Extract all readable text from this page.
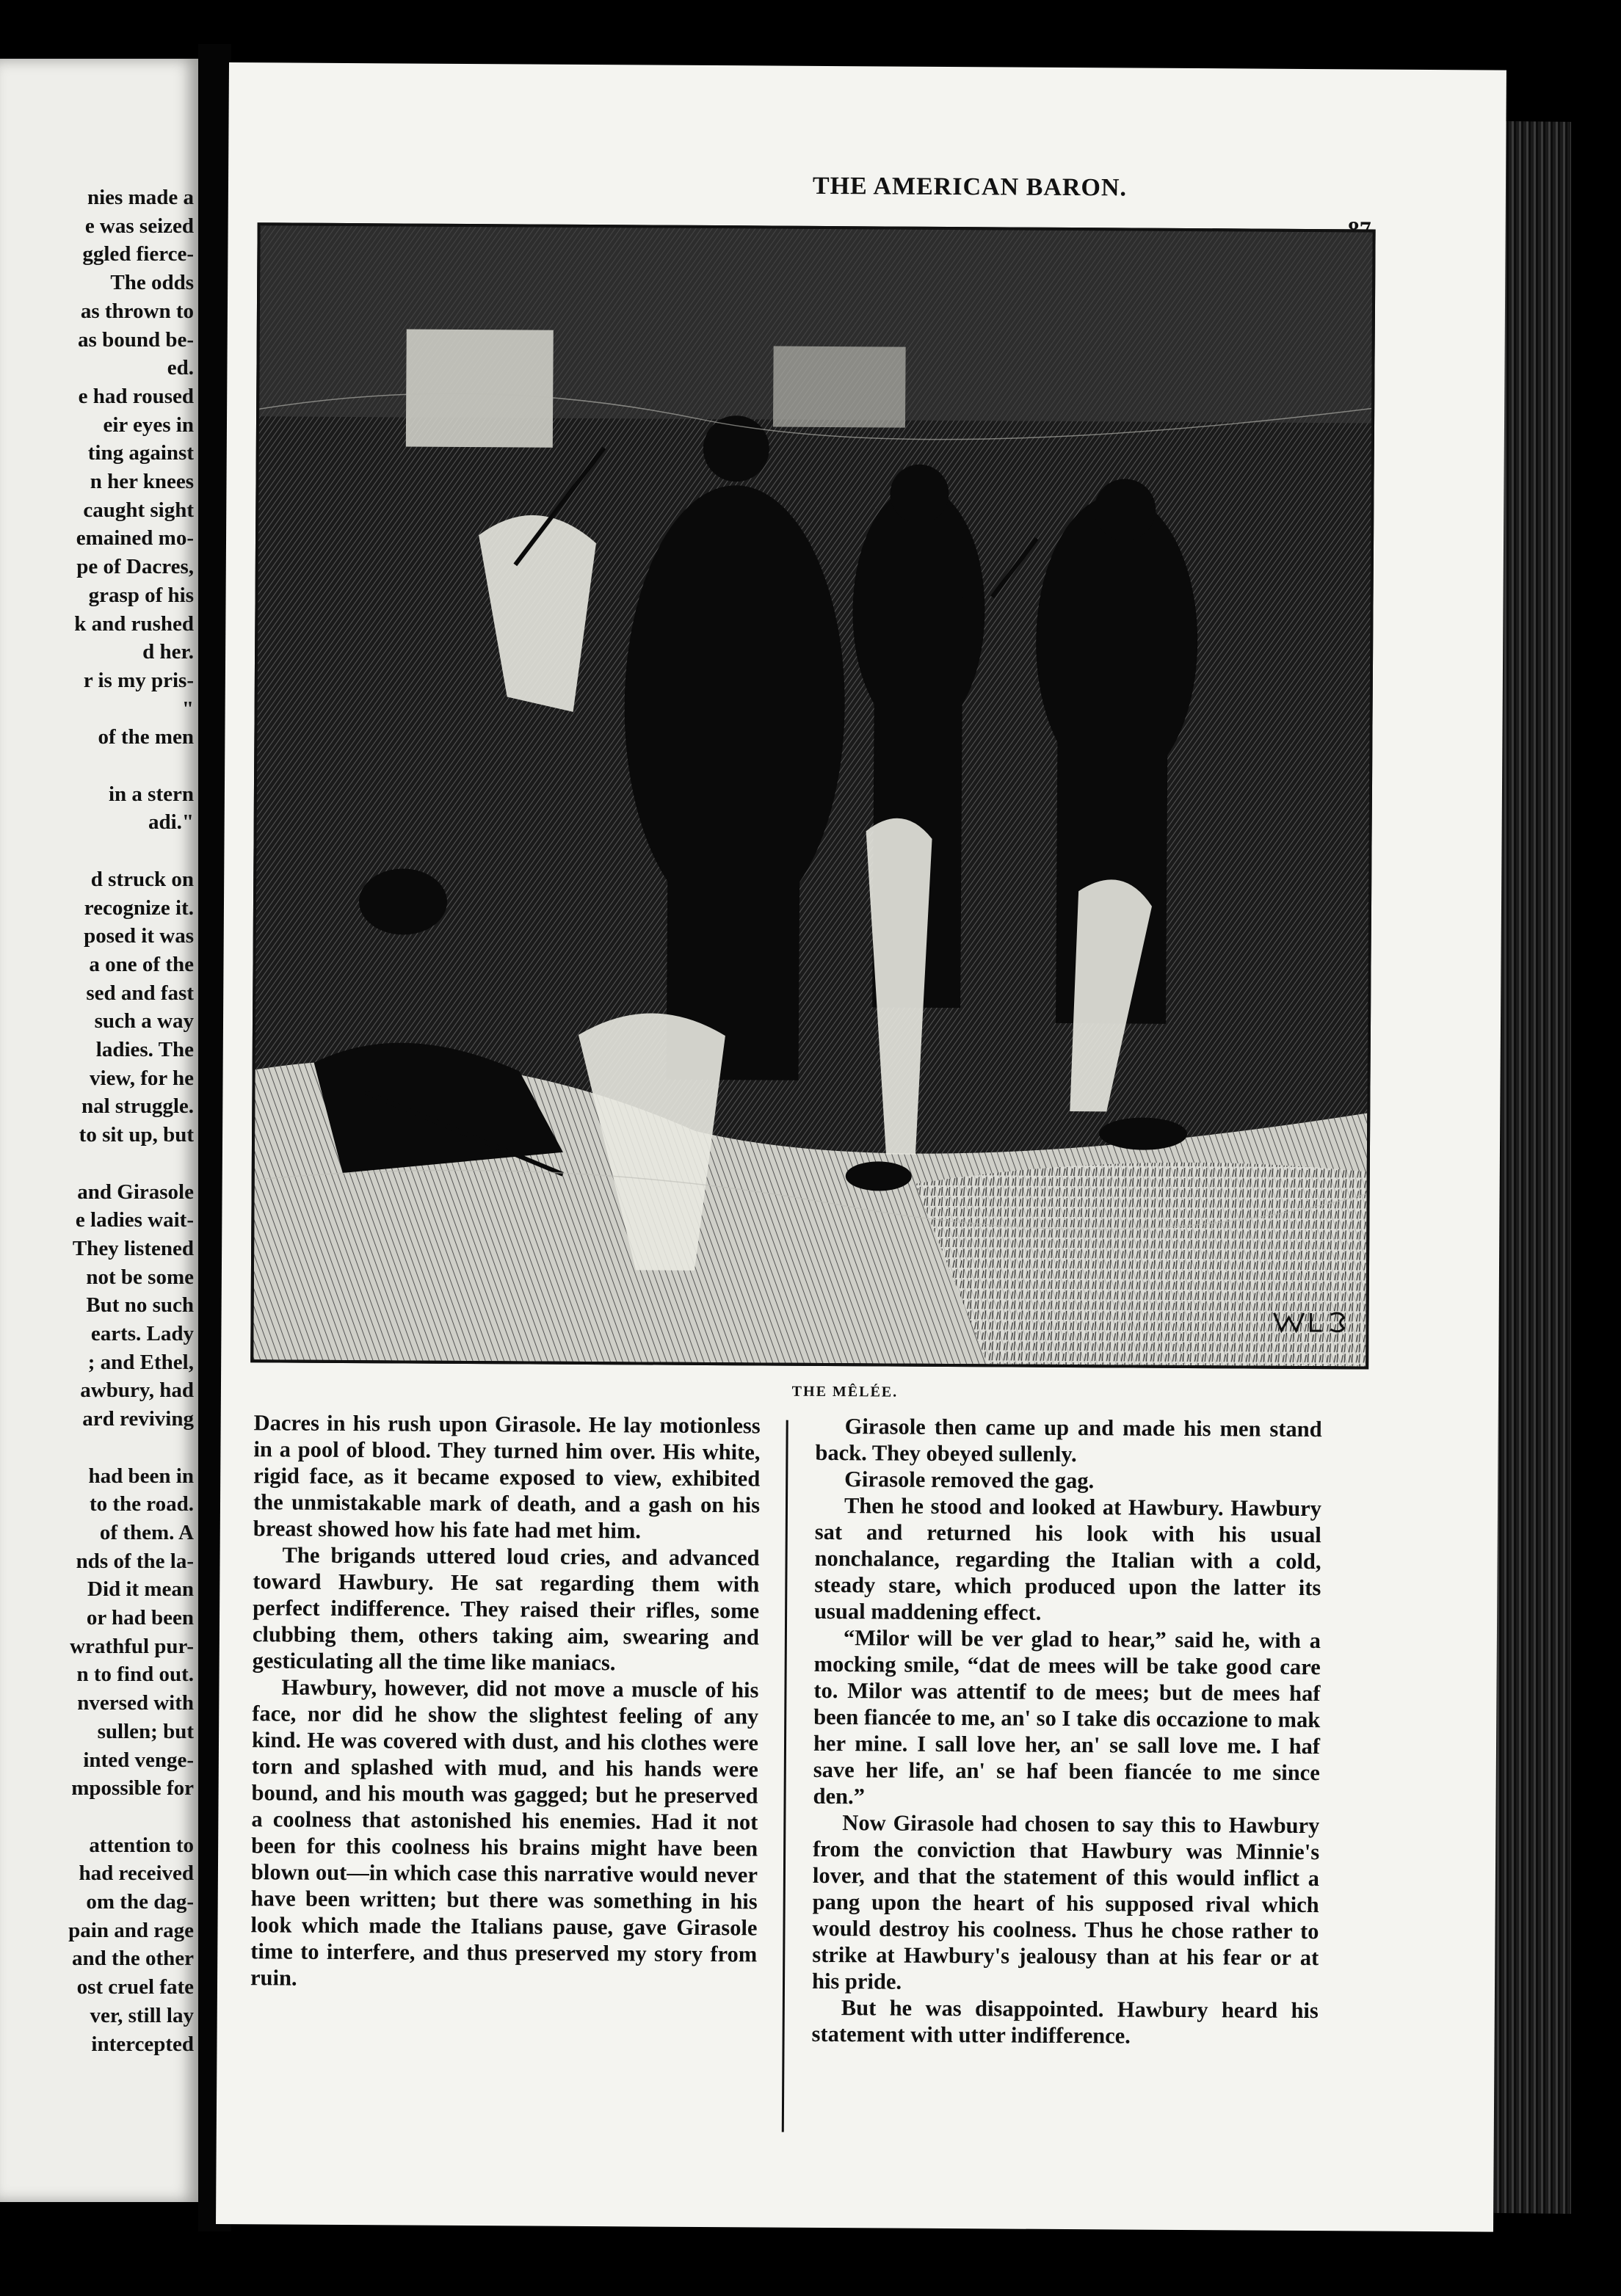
nies made a
e was seized
ggled fierce-
The odds
as thrown to
as bound be-
ed.
e had roused
eir eyes in
ting against
n her knees
caught sight
emained mo-
pe of Dacres,
grasp of his
k and rushed
d her.
r is my pris-
"
of the men
in a stern
adi."
d struck on
recognize it.
posed it was
a one of the
sed and fast
such a way
ladies. The
view, for he
nal struggle.
to sit up, but
and Girasole
e ladies wait-
They listened
not be some
But no such
earts. Lady
; and Ethel,
awbury, had
ard reviving
had been in
to the road.
of them. A
nds of the la-
Did it mean
or had been
wrathful pur-
n to find out.
nversed with
sullen; but
inted venge-
mpossible for
attention to
had received
om the dag-
pain and rage
and the other
ost cruel fate
ver, still lay
intercepted
THE AMERICAN BARON.
THE MÊLÉE.

Dacres in his rush upon Girasole. He lay motionless in a pool of blood. They turned him over. His white, rigid face, as it became exposed to view, exhibited the unmistakable mark of death, and a gash on his breast showed how his fate had met him.

The brigands uttered loud cries, and advanced toward Hawbury. He sat regarding them with perfect indifference. They raised their rifles, some clubbing them, others taking aim, swearing and gesticulating all the time like maniacs.

Hawbury, however, did not move a muscle of his face, nor did he show the slightest feeling of any kind. He was covered with dust, and his clothes were torn and splashed with mud, and his hands were bound, and his mouth was gagged; but he preserved a coolness that astonished his enemies. Had it not been for this coolness his brains might have been blown out—in which case this narrative would never have been written; but there was something in his look which made the Italians pause, gave Girasole time to interfere, and thus preserved my story from ruin.

Girasole then came up and made his men stand back. They obeyed sullenly.

Girasole removed the gag.

Then he stood and looked at Hawbury. Hawbury sat and returned his look with his usual nonchalance, regarding the Italian with a cold, steady stare, which produced upon the latter its usual maddening effect.

“Milor will be ver glad to hear,” said he, with a mocking smile, “dat de mees will be take good care to. Milor was attentif to de mees; but de mees haf been fiancée to me, an' so I take dis occazione to mak her mine. I sall love her, an' se sall love me. I haf save her life, an' se haf been fiancée to me since den.”

Now Girasole had chosen to say this to Hawbury from the conviction that Hawbury was Minnie's lover, and that the statement of this would inflict a pang upon the heart of his supposed rival which would destroy his coolness. Thus he chose rather to strike at Hawbury's jealousy than at his fear or at his pride.

But he was disappointed. Hawbury heard his statement with utter indifference.
